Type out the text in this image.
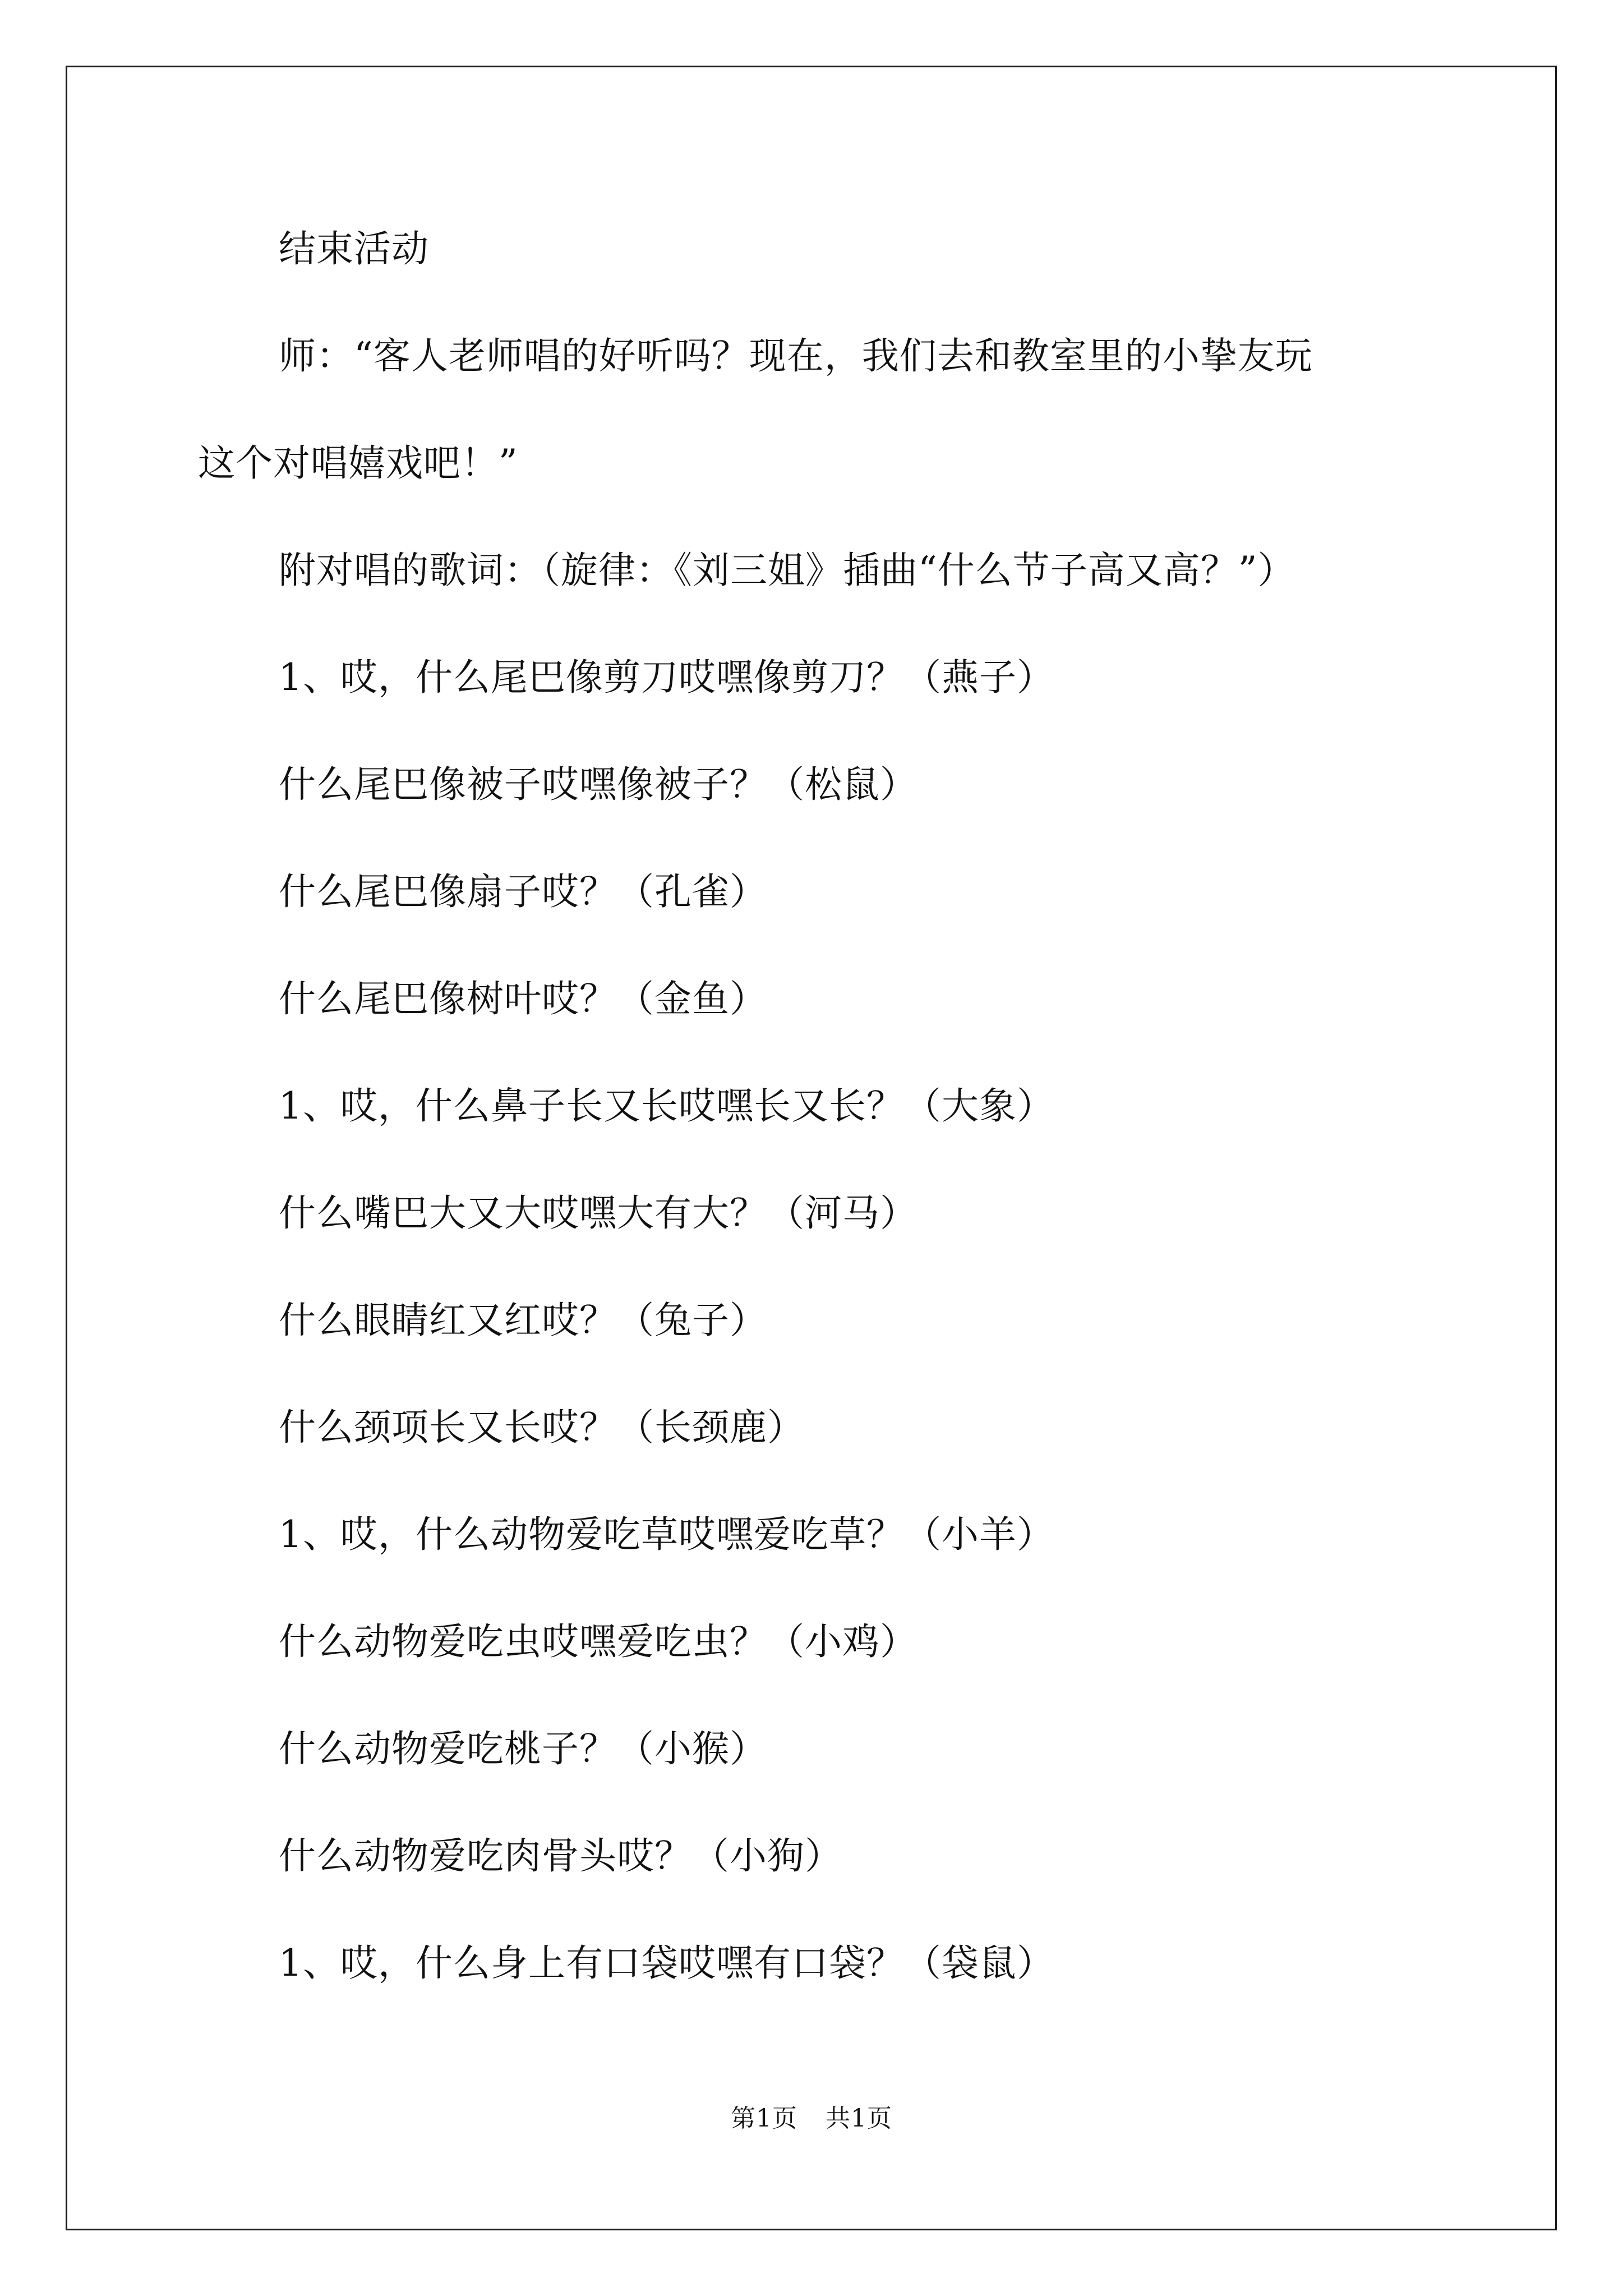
结束活动
师：“客人老师唱的好听吗？现在，我们去和教室里的小挚友玩
这个对唱嬉戏吧！”
附对唱的歌词：（旋律：《刘三姐》插曲“什么节子高又高？”）
1、哎，什么尾巴像剪刀哎嘿像剪刀？（燕子）
什么尾巴像被子哎嘿像被子？（松鼠）
什么尾巴像扇子哎？（孔雀）
什么尾巴像树叶哎？（金鱼）
1、哎，什么鼻子长又长哎嘿长又长？（大象）
什么嘴巴大又大哎嘿大有大？（河马）
什么眼睛红又红哎？（兔子）
什么颈项长又长哎？（长颈鹿）
1、哎，什么动物爱吃草哎嘿爱吃草？（小羊）
什么动物爱吃虫哎嘿爱吃虫？（小鸡）
什么动物爱吃桃子？（小猴）
什么动物爱吃肉骨头哎？（小狗）
1、哎，什么身上有口袋哎嘿有口袋？（袋鼠）
第1页 共1页
